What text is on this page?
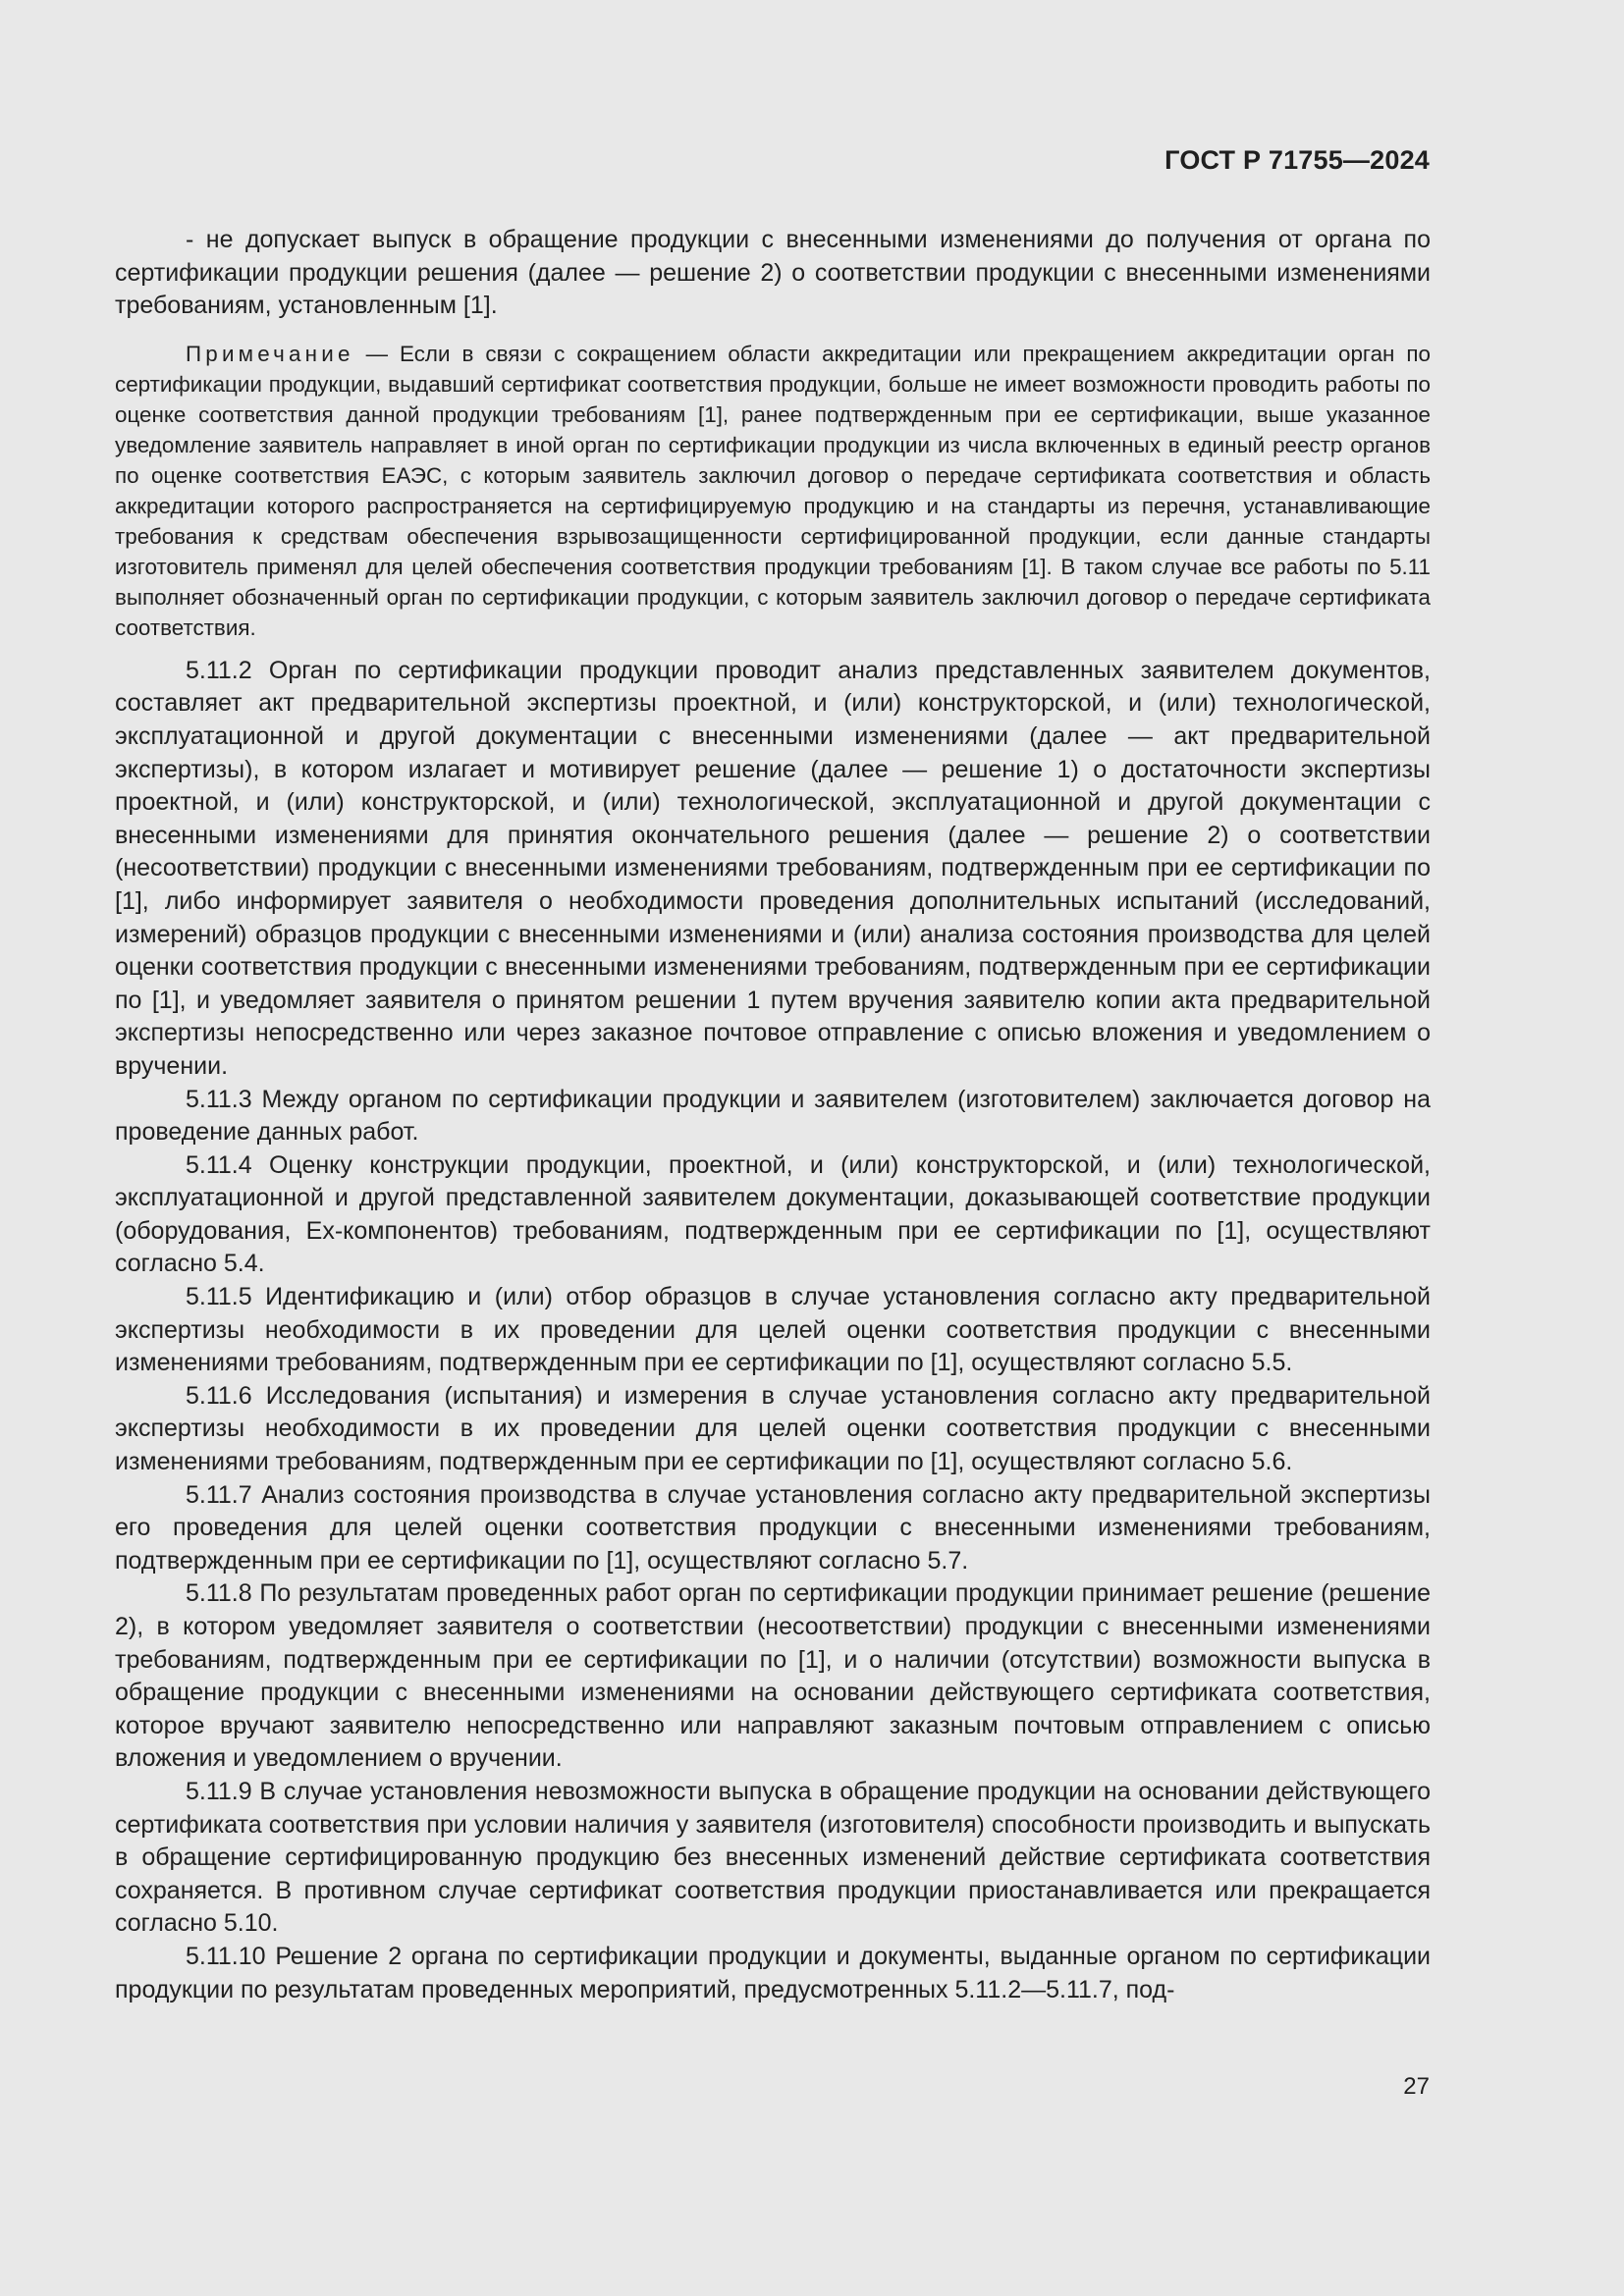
ГОСТ Р 71755—2024

- не допускает выпуск в обращение продукции с внесенными изменениями до получения от органа по сертификации продукции решения (далее — решение 2) о соответствии продукции с внесенными изменениями требованиям, установленным [1].

Примечание — Если в связи с сокращением области аккредитации или прекращением аккредитации орган по сертификации продукции, выдавший сертификат соответствия продукции, больше не имеет возможности проводить работы по оценке соответствия данной продукции требованиям [1], ранее подтвержденным при ее сертификации, выше указанное уведомление заявитель направляет в иной орган по сертификации продукции из числа включенных в единый реестр органов по оценке соответствия ЕАЭС, с которым заявитель заключил договор о передаче сертификата соответствия и область аккредитации которого распространяется на сертифицируемую продукцию и на стандарты из перечня, устанавливающие требования к средствам обеспечения взрывозащищенности сертифицированной продукции, если данные стандарты изготовитель применял для целей обеспечения соответствия продукции требованиям [1]. В таком случае все работы по 5.11 выполняет обозначенный орган по сертификации продукции, с которым заявитель заключил договор о передаче сертификата соответствия.

5.11.2 Орган по сертификации продукции проводит анализ представленных заявителем документов, составляет акт предварительной экспертизы проектной, и (или) конструкторской, и (или) технологической, эксплуатационной и другой документации с внесенными изменениями (далее — акт предварительной экспертизы), в котором излагает и мотивирует решение (далее — решение 1) о достаточности экспертизы проектной, и (или) конструкторской, и (или) технологической, эксплуатационной и другой документации с внесенными изменениями для принятия окончательного решения (далее — решение 2) о соответствии (несоответствии) продукции с внесенными изменениями требованиям, подтвержденным при ее сертификации по [1], либо информирует заявителя о необходимости проведения дополнительных испытаний (исследований, измерений) образцов продукции с внесенными изменениями и (или) анализа состояния производства для целей оценки соответствия продукции с внесенными изменениями требованиям, подтвержденным при ее сертификации по [1], и уведомляет заявителя о принятом решении 1 путем вручения заявителю копии акта предварительной экспертизы непосредственно или через заказное почтовое отправление с описью вложения и уведомлением о вручении.

5.11.3 Между органом по сертификации продукции и заявителем (изготовителем) заключается договор на проведение данных работ.

5.11.4 Оценку конструкции продукции, проектной, и (или) конструкторской, и (или) технологической, эксплуатационной и другой представленной заявителем документации, доказывающей соответствие продукции (оборудования, Ex-компонентов) требованиям, подтвержденным при ее сертификации по [1], осуществляют согласно 5.4.

5.11.5 Идентификацию и (или) отбор образцов в случае установления согласно акту предварительной экспертизы необходимости в их проведении для целей оценки соответствия продукции с внесенными изменениями требованиям, подтвержденным при ее сертификации по [1], осуществляют согласно 5.5.

5.11.6 Исследования (испытания) и измерения в случае установления согласно акту предварительной экспертизы необходимости в их проведении для целей оценки соответствия продукции с внесенными изменениями требованиям, подтвержденным при ее сертификации по [1], осуществляют согласно 5.6.

5.11.7 Анализ состояния производства в случае установления согласно акту предварительной экспертизы его проведения для целей оценки соответствия продукции с внесенными изменениями требованиям, подтвержденным при ее сертификации по [1], осуществляют согласно 5.7.

5.11.8 По результатам проведенных работ орган по сертификации продукции принимает решение (решение 2), в котором уведомляет заявителя о соответствии (несоответствии) продукции с внесенными изменениями требованиям, подтвержденным при ее сертификации по [1], и о наличии (отсутствии) возможности выпуска в обращение продукции с внесенными изменениями на основании действующего сертификата соответствия, которое вручают заявителю непосредственно или направляют заказным почтовым отправлением с описью вложения и уведомлением о вручении.

5.11.9 В случае установления невозможности выпуска в обращение продукции на основании действующего сертификата соответствия при условии наличия у заявителя (изготовителя) способности производить и выпускать в обращение сертифицированную продукцию без внесенных изменений действие сертификата соответствия сохраняется. В противном случае сертификат соответствия продукции приостанавливается или прекращается согласно 5.10.

5.11.10 Решение 2 органа по сертификации продукции и документы, выданные органом по сертификации продукции по результатам проведенных мероприятий, предусмотренных 5.11.2—5.11.7, под-

27
